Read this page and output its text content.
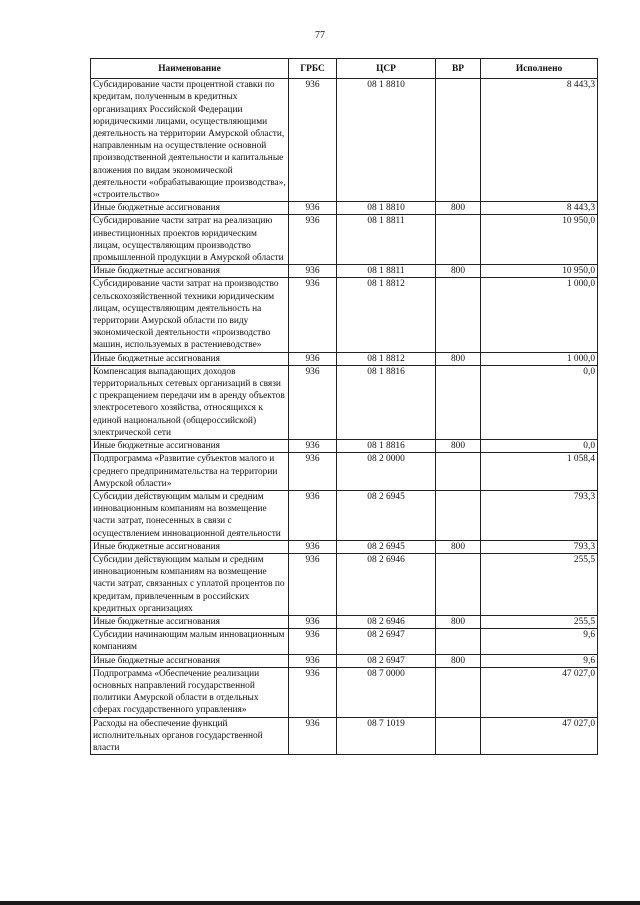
77
Наименование	ГРБС	ЦСР	ВР	Исполнено
Субсидирование части процентной ставки по кредитам, полученным в кредитных организациях Российской Федерации юридическими лицами, осуществляющими деятельность на территории Амурской области, направленным на осуществление основной производственной деятельности и капитальные вложения по видам экономической деятельности «обрабатывающие производства», «строительство»	936	08 1 8810		8 443,3
Иные бюджетные ассигнования	936	08 1 8810	800	8 443,3
Субсидирование части затрат на реализацию инвестиционных проектов юридическим лицам, осуществляющим производство промышленной продукции в Амурской области	936	08 1 8811		10 950,0
Иные бюджетные ассигнования	936	08 1 8811	800	10 950,0
Субсидирование части затрат на производство сельскохозяйственной техники юридическим лицам, осуществляющим деятельность на территории Амурской области по виду экономической деятельности «производство машин, используемых в растениеводстве»	936	08 1 8812		1 000,0
Иные бюджетные ассигнования	936	08 1 8812	800	1 000,0
Компенсация выпадающих доходов территориальных сетевых организаций в связи с прекращением передачи им в аренду объектов электросетевого хозяйства, относящихся к единой национальной (общероссийской) электрической сети	936	08 1 8816		0,0
Иные бюджетные ассигнования	936	08 1 8816	800	0,0
Подпрограмма «Развитие субъектов малого и среднего предпринимательства на территории Амурской области»	936	08 2 0000		1 058,4
Субсидии действующим малым и средним инновационным компаниям на возмещение части затрат, понесенных в связи с осуществлением инновационной деятельности	936	08 2 6945		793,3
Иные бюджетные ассигнования	936	08 2 6945	800	793,3
Субсидии действующим малым и средним инновационным компаниям на возмещение части затрат, связанных с уплатой процентов по кредитам, привлеченным в российских кредитных организациях	936	08 2 6946		255,5
Иные бюджетные ассигнования	936	08 2 6946	800	255,5
Субсидии начинающим малым инновационным компаниям	936	08 2 6947		9,6
Иные бюджетные ассигнования	936	08 2 6947	800	9,6
Подпрограмма «Обеспечение реализации основных направлений государственной политики Амурской области в отдельных сферах государственного управления»	936	08 7 0000		47 027,0
Расходы на обеспечение функций исполнительных органов государственной власти	936	08 7 1019		47 027,0
